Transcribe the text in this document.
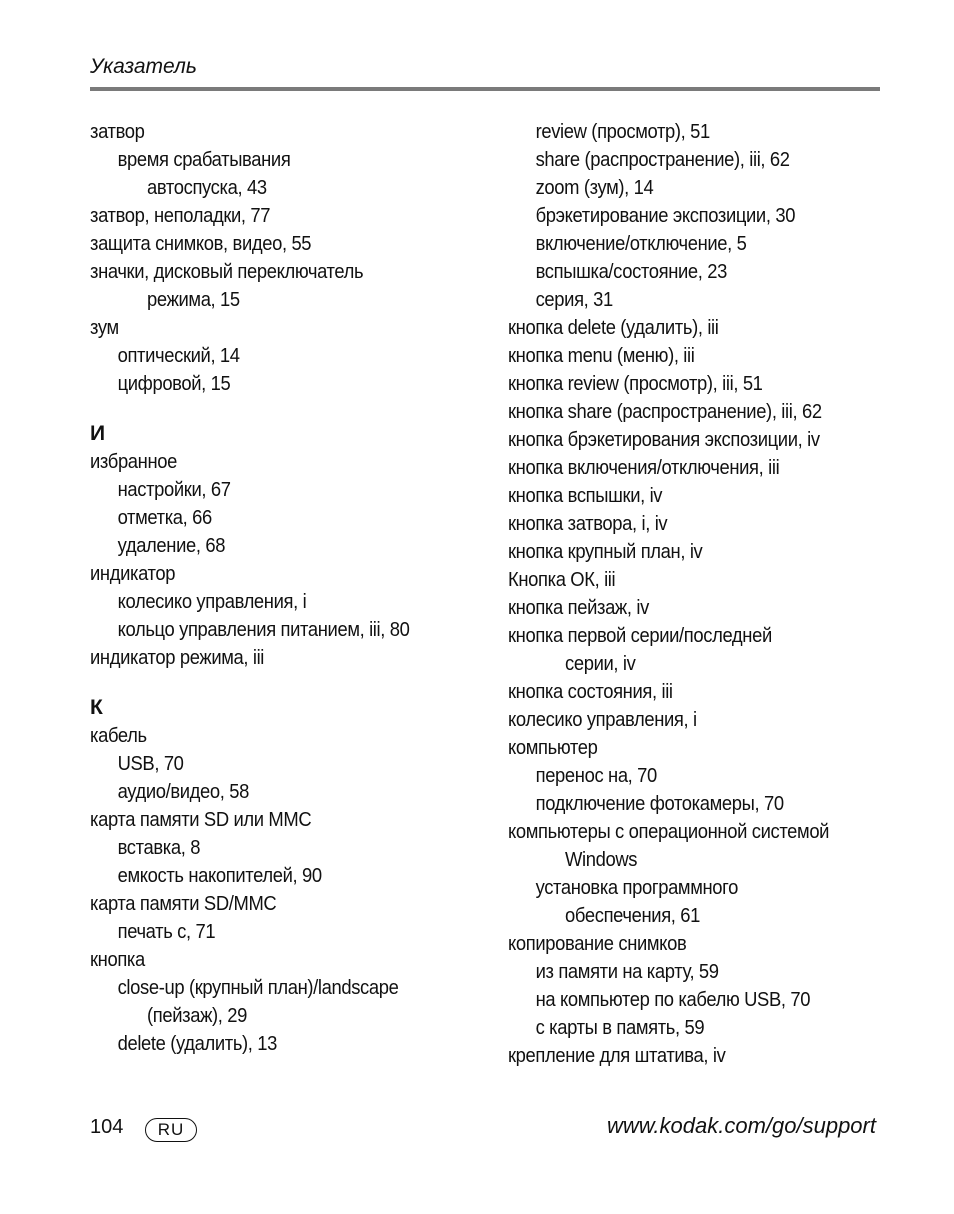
Указатель
затвор
время срабатывания
автоспуска, 43
затвор, неполадки, 77
защита снимков, видео, 55
значки, дисковый переключатель
режима, 15
зум
оптический, 14
цифровой, 15
И
избранное
настройки, 67
отметка, 66
удаление, 68
индикатор
колесико управления, i
кольцо управления питанием, iii, 80
индикатор режима, iii
К
кабель
USB, 70
аудио/видео, 58
карта памяти SD или MMC
вставка, 8
емкость накопителей, 90
карта памяти SD/MMC
печать с, 71
кнопка
close-up (крупный план)/landscape
(пейзаж), 29
delete (удалить), 13
review (просмотр), 51
share (распространение), iii, 62
zoom (зум), 14
брэкетирование экспозиции, 30
включение/отключение, 5
вспышка/состояние, 23
серия, 31
кнопка delete (удалить), iii
кнопка menu (меню), iii
кнопка review (просмотр), iii, 51
кнопка share (распространение), iii, 62
кнопка брэкетирования экспозиции, iv
кнопка включения/отключения, iii
кнопка вспышки, iv
кнопка затвора, i, iv
кнопка крупный план, iv
Кнопка ОК, iii
кнопка пейзаж, iv
кнопка первой серии/последней
серии, iv
кнопка состояния, iii
колесико управления, i
компьютер
перенос на, 70
подключение фотокамеры, 70
компьютеры с операционной системой
Windows
установка программного
обеспечения, 61
копирование снимков
из памяти на карту, 59
на компьютер по кабелю USB, 70
с карты в память, 59
крепление для штатива, iv
104	RU	www.kodak.com/go/support
